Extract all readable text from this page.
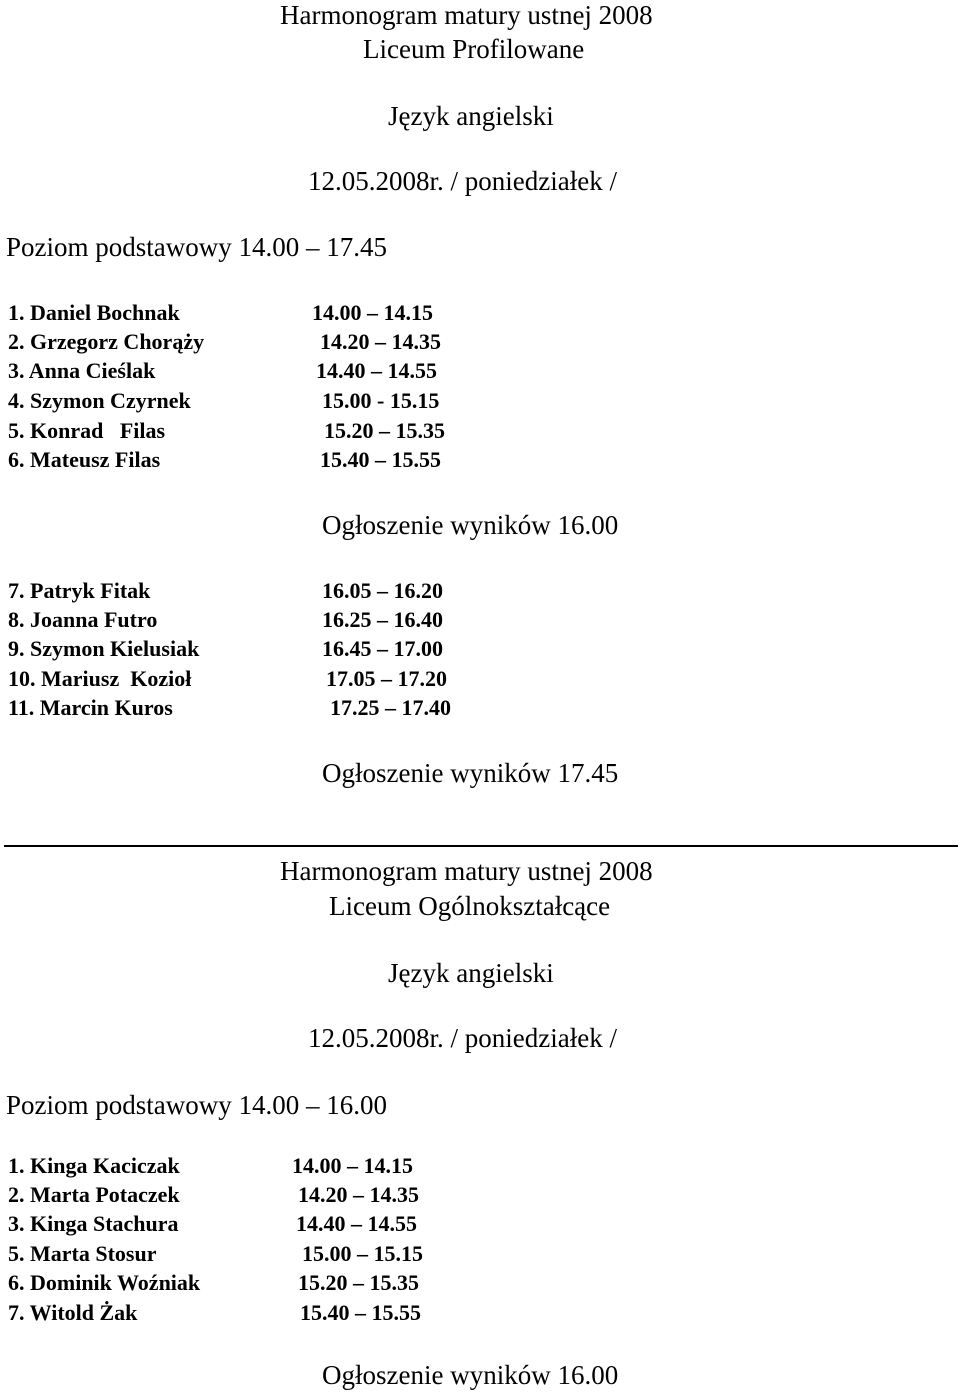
Harmonogram matury ustnej 2008
Liceum Profilowane
Język angielski
12.05.2008r. / poniedziałek /
Poziom podstawowy 14.00 – 17.45
1. Daniel Bochnak	14.00 – 14.15
2. Grzegorz Chorąży	14.20 – 14.35
3. Anna Cieślak	14.40 – 14.55
4. Szymon Czyrnek	15.00 - 15.15
5. Konrad   Filas	15.20 – 15.35
6. Mateusz Filas	15.40 – 15.55
Ogłoszenie wyników 16.00
7. Patryk Fitak	16.05 – 16.20
8. Joanna Futro	16.25 – 16.40
9. Szymon Kielusiak	16.45 – 17.00
10. Mariusz  Kozioł	17.05 – 17.20
11. Marcin Kuros	17.25 – 17.40
Ogłoszenie wyników 17.45
Harmonogram matury ustnej 2008
Liceum Ogólnokształcące
Język angielski
12.05.2008r. / poniedziałek /
Poziom podstawowy 14.00 – 16.00
1. Kinga Kaciczak	14.00 – 14.15
2. Marta Potaczek	14.20 – 14.35
3. Kinga Stachura	14.40 – 14.55
5. Marta Stosur	15.00 – 15.15
6. Dominik Woźniak	15.20 – 15.35
7. Witold Żak	15.40 – 15.55
Ogłoszenie wyników 16.00
